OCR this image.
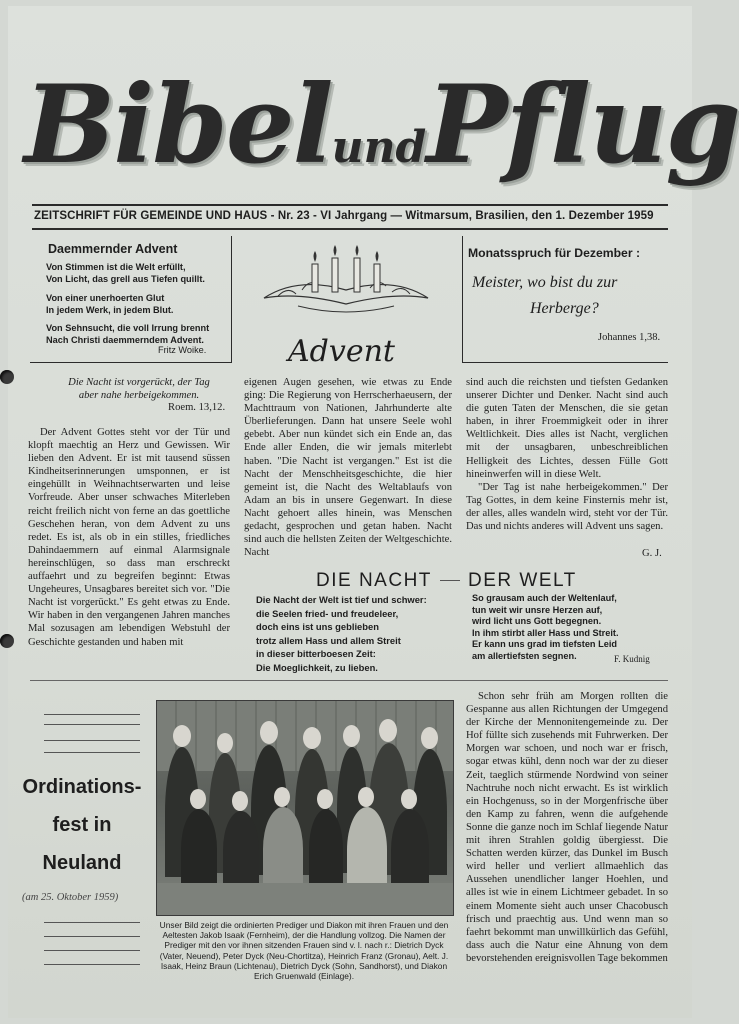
BibelundPflug
ZEITSCHRIFT FÜR GEMEINDE UND HAUS - Nr. 23 - VI Jahrgang — Witmarsum, Brasilien, den 1. Dezember 1959
Daemmernder Advent
Von Stimmen ist die Welt erfüllt,
Von Licht, das grell aus Tiefen quillt.
Von einer unerhoerten Glut
In jedem Werk, in jedem Blut.
Von Sehnsucht, die voll Irrung brennt
Nach Christi daemmerndem Advent.
Fritz Woike.	Advent
Monatsspruch für Dezember :
Meister, wo bist du zur
Herberge?
Johannes 1,38.
Die Nacht ist vorgerückt, der Tag
aber nahe herbeigekommen.
Roem. 13,12.

Der Advent Gottes steht vor der Tür und klopft maechtig an Herz und Gewissen. Wir lieben den Advent. Er ist mit tausend süssen Kindheitserinnerungen umsponnen, er ist eingehüllt in Weihnachtserwarten und leise Vorfreude. Aber unser schwaches Miterleben reicht freilich nicht von ferne an das goettliche Geschehen heran, von dem Advent zu uns redet. Es ist, als ob in ein stilles, friedliches Dahindaemmern auf einmal Alarmsignale hereinschlügen, so dass man erschreckt auffaehrt und zu begreifen beginnt: Etwas Ungeheures, Unsagbares bereitet sich vor. "Die Nacht ist vorgerückt." Es geht etwas zu Ende. Wir haben in den vergangenen Jahren manches Mal sozusagen am lebendigen Webstuhl der Geschichte gestanden und haben mit

eigenen Augen gesehen, wie etwas zu Ende ging: Die Regierung von Herrscherhaeusern, der Machttraum von Nationen, Jahrhunderte alte Überlieferungen. Dann hat unsere Seele wohl gebebt. Aber nun kündet sich ein Ende an, das Ende aller Enden, die wir jemals miterlebt haben. "Die Nacht ist vergangen." Est ist die Nacht der Menschheitsgeschichte, die hier gemeint ist, die Nacht des Weltablaufs von Adam an bis in unsere Gegenwart. In diese Nacht gehoert alles hinein, was Menschen gedacht, gesprochen und getan haben. Nacht sind auch die hellsten Zeiten der Weltgeschichte. Nacht

sind auch die reichsten und tiefsten Gedanken unserer Dichter und Denker. Nacht sind auch die guten Taten der Menschen, die sie getan haben, in ihrer Froemmigkeit oder in ihrer Weltlichkeit. Dies alles ist Nacht, verglichen mit der unsagbaren, unbeschreiblichen Helligkeit des Lichtes, dessen Fülle Gott hineinwerfen will in diese Welt.

"Der Tag ist nahe herbeigekommen." Der Tag Gottes, in dem keine Finsternis mehr ist, der alles, alles wandeln wird, steht vor der Tür. Das und nichts anderes will Advent uns sagen.

G. J.
DIE NACHT DER WELT
Die Nacht der Welt ist tief und schwer:
die Seelen fried- und freudeleer,
doch eins ist uns geblieben
trotz allem Hass und allem Streit
in dieser bitterboesen Zeit:
Die Moeglichkeit, zu lieben.
So grausam auch der Weltenlauf,
tun weit wir unsre Herzen auf,
wird licht uns Gott begegnen.
In ihm stirbt aller Hass und Streit.
Er kann uns grad im tiefsten Leid
am allertiefsten segnen.	F. Kudnig
Ordinations-
fest in
Neuland
(am 25. Oktober 1959)
Unser Bild zeigt die ordinierten Prediger und Diakon mit ihren Frauen und den Aeltesten Jakob Isaak (Fernheim), der die Handlung vollzog. Die Namen der Prediger mit den vor ihnen sitzenden Frauen sind v. l. nach r.: Dietrich Dyck (Vater, Neuend), Peter Dyck (Neu-Chortitza), Heinrich Franz (Gronau), Aelt. J. Isaak, Heinz Braun (Lichtenau), Dietrich Dyck (Sohn, Sandhorst), und Diakon Erich Gruenwald (Einlage).

Schon sehr früh am Morgen rollten die Gespanne aus allen Richtungen der Umgegend der Kirche der Mennonitengemeinde zu. Der Hof füllte sich zusehends mit Fuhrwerken. Der Morgen war schoen, und noch war er frisch, sogar etwas kühl, denn noch war der zu dieser Zeit, taeglich stürmende Nordwind von seiner Nachtruhe noch nicht erwacht. Es ist wirklich ein Hochgenuss, so in der Morgenfrische über den Kamp zu fahren, wenn die aufgehende Sonne die ganze noch im Schlaf liegende Natur mit ihren Strahlen goldig übergiesst. Die Schatten werden kürzer, das Dunkel im Busch wird heller und verliert allmaehlich das Aussehen unendlicher langer Hoehlen, und alles ist wie in einem Lichtmeer gebadet. In so einem Momente sieht auch unser Chacobusch frisch und praechtig aus. Und wenn man so faehrt bekommt man unwillkürlich das Gefühl, dass auch die Natur eine Ahnung von dem bevorstehenden ereignisvollen Tage bekommen
